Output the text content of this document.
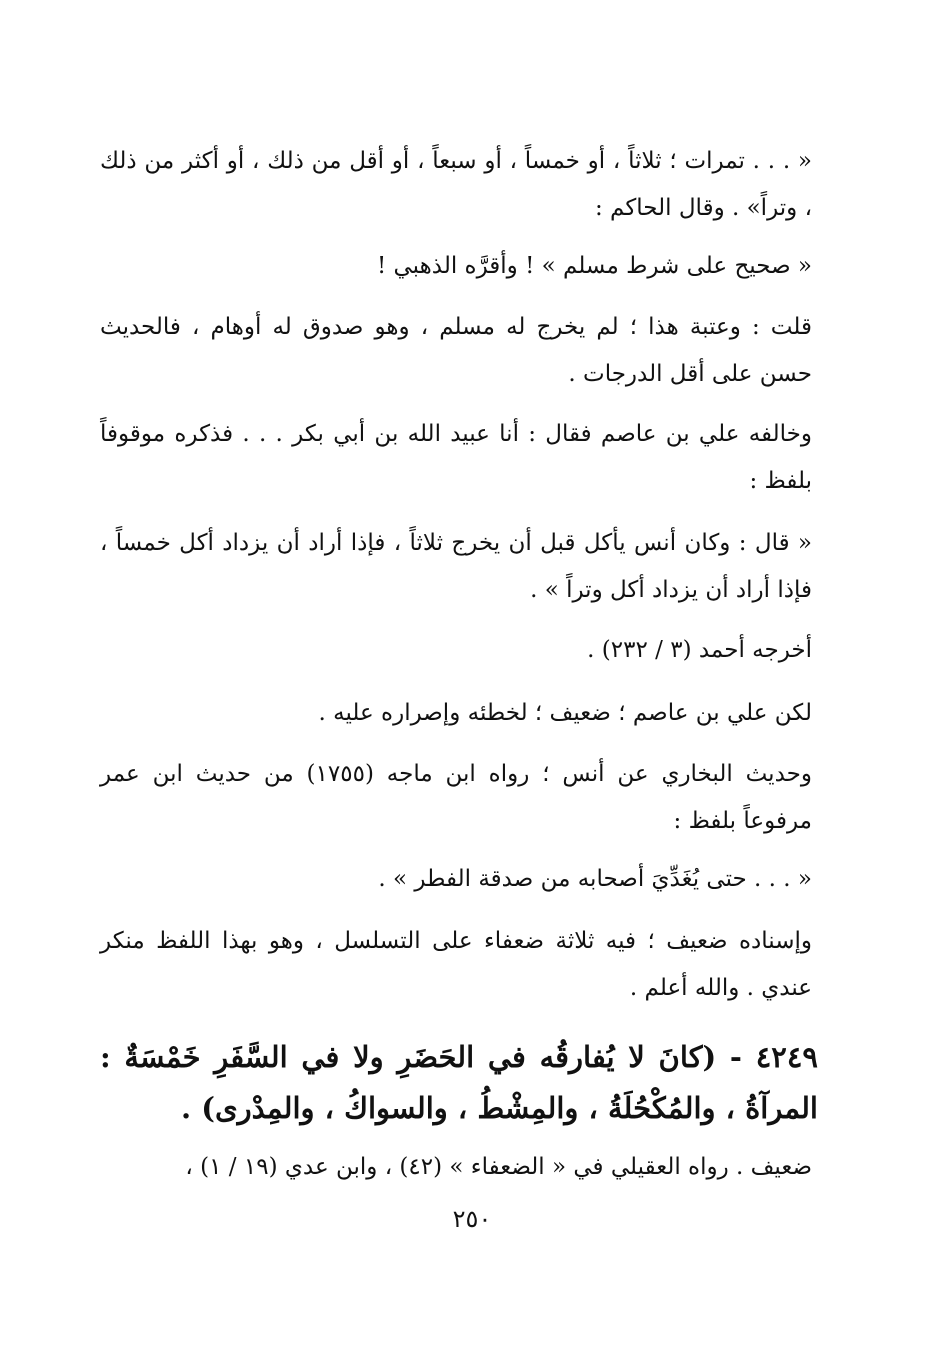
« . . . تمرات ؛ ثلاثاً ، أو خمساً ، أو سبعاً ، أو أقل من ذلك ، أو أكثر من ذلك ، وتراً» . وقال الحاكم :

« صحيح على شرط مسلم » ! وأقرَّه الذهبي !

قلت : وعتبة هذا ؛ لم يخرج له مسلم ، وهو صدوق له أوهام ، فالحديث حسن على أقل الدرجات .

وخالفه علي بن عاصم فقال : أنا عبيد الله بن أبي بكر . . . فذكره موقوفاً بلفظ :

« قال : وكان أنس يأكل قبل أن يخرج ثلاثاً ، فإذا أراد أن يزداد أكل خمساً ، فإذا أراد أن يزداد أكل وتراً » .

أخرجه أحمد (٣ / ٢٣٢) .

لكن علي بن عاصم ؛ ضعيف ؛ لخطئه وإصراره عليه .

وحديث البخاري عن أنس ؛ رواه ابن ماجه (١٧٥٥) من حديث ابن عمر مرفوعاً بلفظ :

« . . . حتى يُغَدِّيَ أصحابه من صدقة الفطر » .

وإسناده ضعيف ؛ فيه ثلاثة ضعفاء على التسلسل ، وهو بهذا اللفظ منكر عندي . والله أعلم .

٤٢٤٩ - (كانَ لا يُفارقُه في الحَضَرِ ولا في السَّفَرِ خَمْسَةٌ : المرآةُ ، والمُكْحُلَةُ ، والمِشْطُ ، والسواكُ ، والمِدْرى) .

ضعيف . رواه العقيلي في « الضعفاء » (٤٢) ، وابن عدي (١٩ / ١) ،

٢٥٠
